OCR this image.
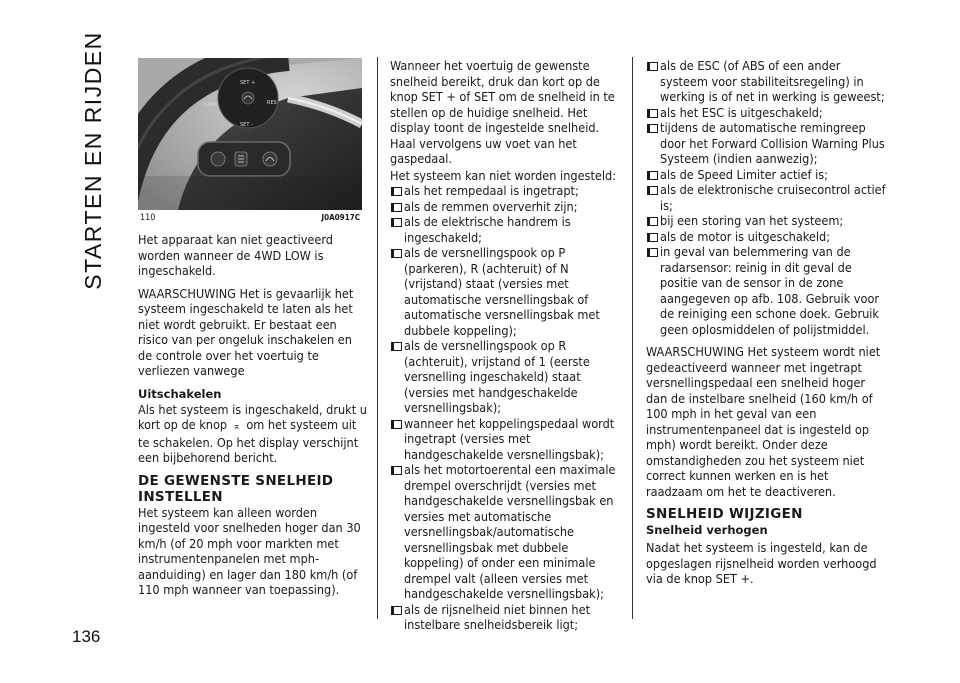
STARTEN EN RIJDEN
136
SET +
CANC	RES
SET -
110	J0A0917C

Het apparaat kan niet geactiveerd worden wanneer de 4WD LOW is ingeschakeld.

WAARSCHUWING Het is gevaarlijk het systeem ingeschakeld te laten als het niet wordt gebruikt. Er bestaat een risico van per ongeluk inschakelen en de controle over het voertuig te verliezen vanwege

Uitschakelen

Als het systeem is ingeschakeld, drukt u kort op de knop ⌅ om het systeem uit te schakelen. Op het display verschijnt een bijbehorend bericht.

DE GEWENSTE SNELHEID INSTELLEN

Het systeem kan alleen worden ingesteld voor snelheden hoger dan 30 km/h (of 20 mph voor markten met instrumentenpanelen met mph-aanduiding) en lager dan 180 km/h (of 110 mph wanneer van toepassing).

Wanneer het voertuig de gewenste snelheid bereikt, druk dan kort op de knop SET + of SET om de snelheid in te stellen op de huidige snelheid. Het display toont de ingestelde snelheid. Haal vervolgens uw voet van het gaspedaal.

Het systeem kan niet worden ingesteld:

als het rempedaal is ingetrapt;

als de remmen oververhit zijn;

als de elektrische handrem is ingeschakeld;

als de versnellingspook op P (parkeren), R (achteruit) of N (vrijstand) staat (versies met automatische versnellingsbak of automatische versnellingsbak met dubbele koppeling);

als de versnellingspook op R (achteruit), vrijstand of 1 (eerste versnelling ingeschakeld) staat (versies met handgeschakelde versnellingsbak);

wanneer het koppelingspedaal wordt ingetrapt (versies met handgeschakelde versnellingsbak);

als het motortoerental een maximale drempel overschrijdt (versies met handgeschakelde versnellingsbak en versies met automatische versnellingsbak/automatische versnellingsbak met dubbele koppeling) of onder een minimale drempel valt (alleen versies met handgeschakelde versnellingsbak);

als de rijsnelheid niet binnen het instelbare snelheidsbereik ligt;

als de ESC (of ABS of een ander systeem voor stabiliteitsregeling) in werking is of net in werking is geweest;

als het ESC is uitgeschakeld;

tijdens de automatische remingreep door het Forward Collision Warning Plus Systeem (indien aanwezig);

als de Speed Limiter actief is;

als de elektronische cruisecontrol actief is;

bij een storing van het systeem;

als de motor is uitgeschakeld;

in geval van belemmering van de radarsensor: reinig in dit geval de positie van de sensor in de zone aangegeven op afb. 108. Gebruik voor de reiniging een schone doek. Gebruik geen oplosmiddelen of polijstmiddel.

WAARSCHUWING Het systeem wordt niet gedeactiveerd wanneer met ingetrapt versnellingspedaal een snelheid hoger dan de instelbare snelheid (160 km/h of 100 mph in het geval van een instrumentenpaneel dat is ingesteld op mph) wordt bereikt. Onder deze omstandigheden zou het systeem niet correct kunnen werken en is het raadzaam om het te deactiveren.

SNELHEID WIJZIGEN

Snelheid verhogen

Nadat het systeem is ingesteld, kan de opgeslagen rijsnelheid worden verhoogd via de knop SET +.
